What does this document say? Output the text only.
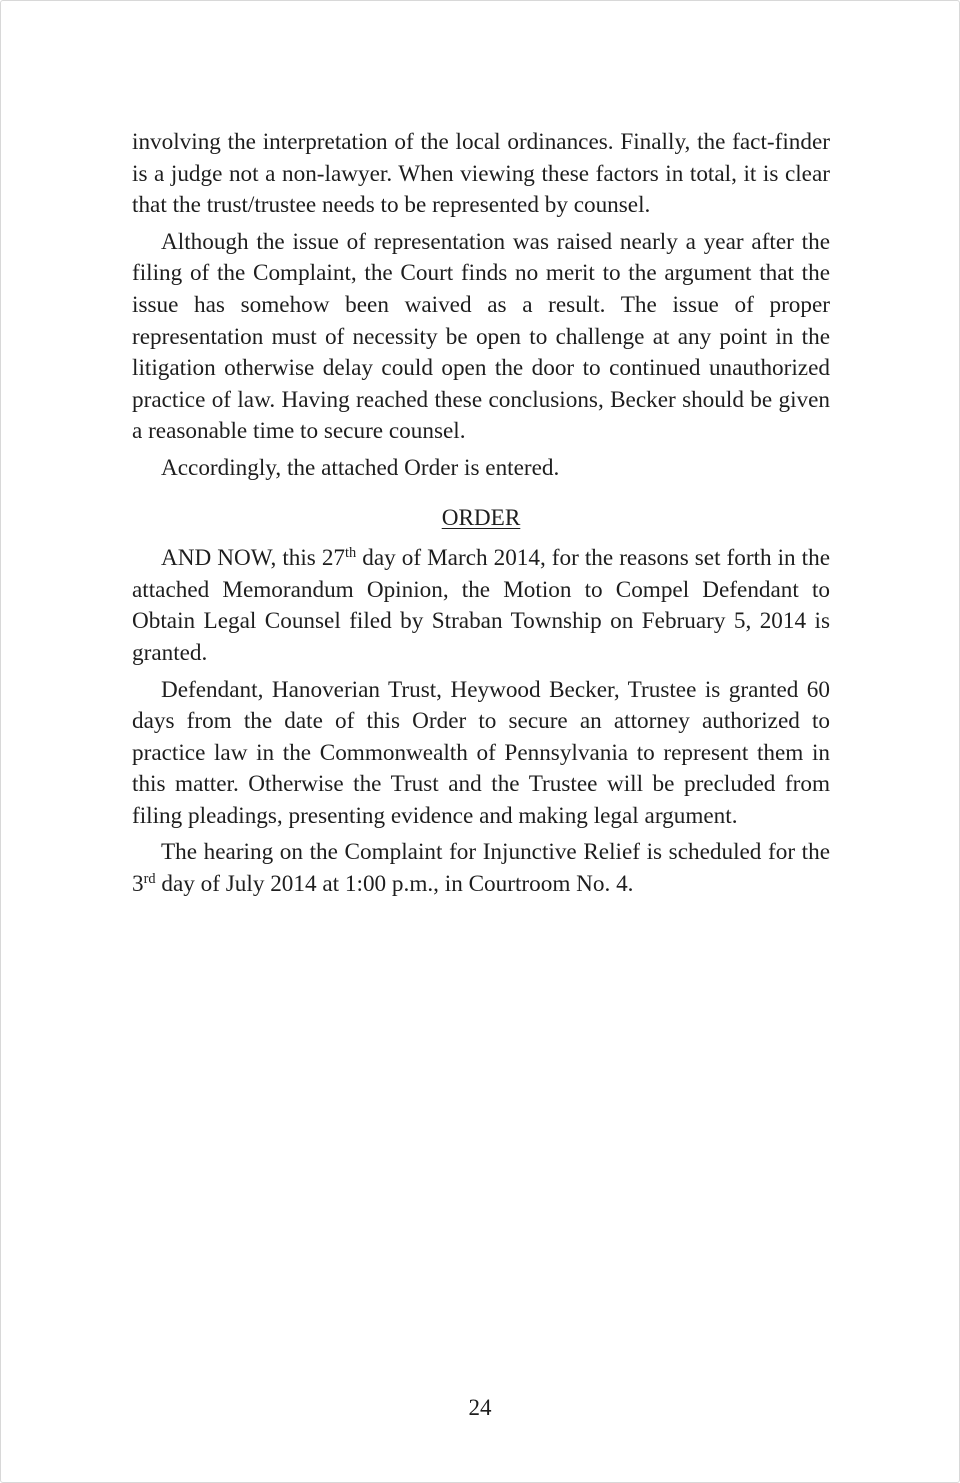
involving the interpretation of the local ordinances. Finally, the fact-finder is a judge not a non-lawyer. When viewing these factors in total, it is clear that the trust/trustee needs to be represented by counsel.

Although the issue of representation was raised nearly a year after the filing of the Complaint, the Court finds no merit to the argument that the issue has somehow been waived as a result. The issue of proper representation must of necessity be open to challenge at any point in the litigation otherwise delay could open the door to continued unauthorized practice of law. Having reached these conclusions, Becker should be given a reasonable time to secure counsel.

Accordingly, the attached Order is entered.

ORDER

AND NOW, this 27th day of March 2014, for the reasons set forth in the attached Memorandum Opinion, the Motion to Compel Defendant to Obtain Legal Counsel filed by Straban Township on February 5, 2014 is granted.

Defendant, Hanoverian Trust, Heywood Becker, Trustee is granted 60 days from the date of this Order to secure an attorney authorized to practice law in the Commonwealth of Pennsylvania to represent them in this matter. Otherwise the Trust and the Trustee will be precluded from filing pleadings, presenting evidence and making legal argument.

The hearing on the Complaint for Injunctive Relief is scheduled for the 3rd day of July 2014 at 1:00 p.m., in Courtroom No. 4.

24
